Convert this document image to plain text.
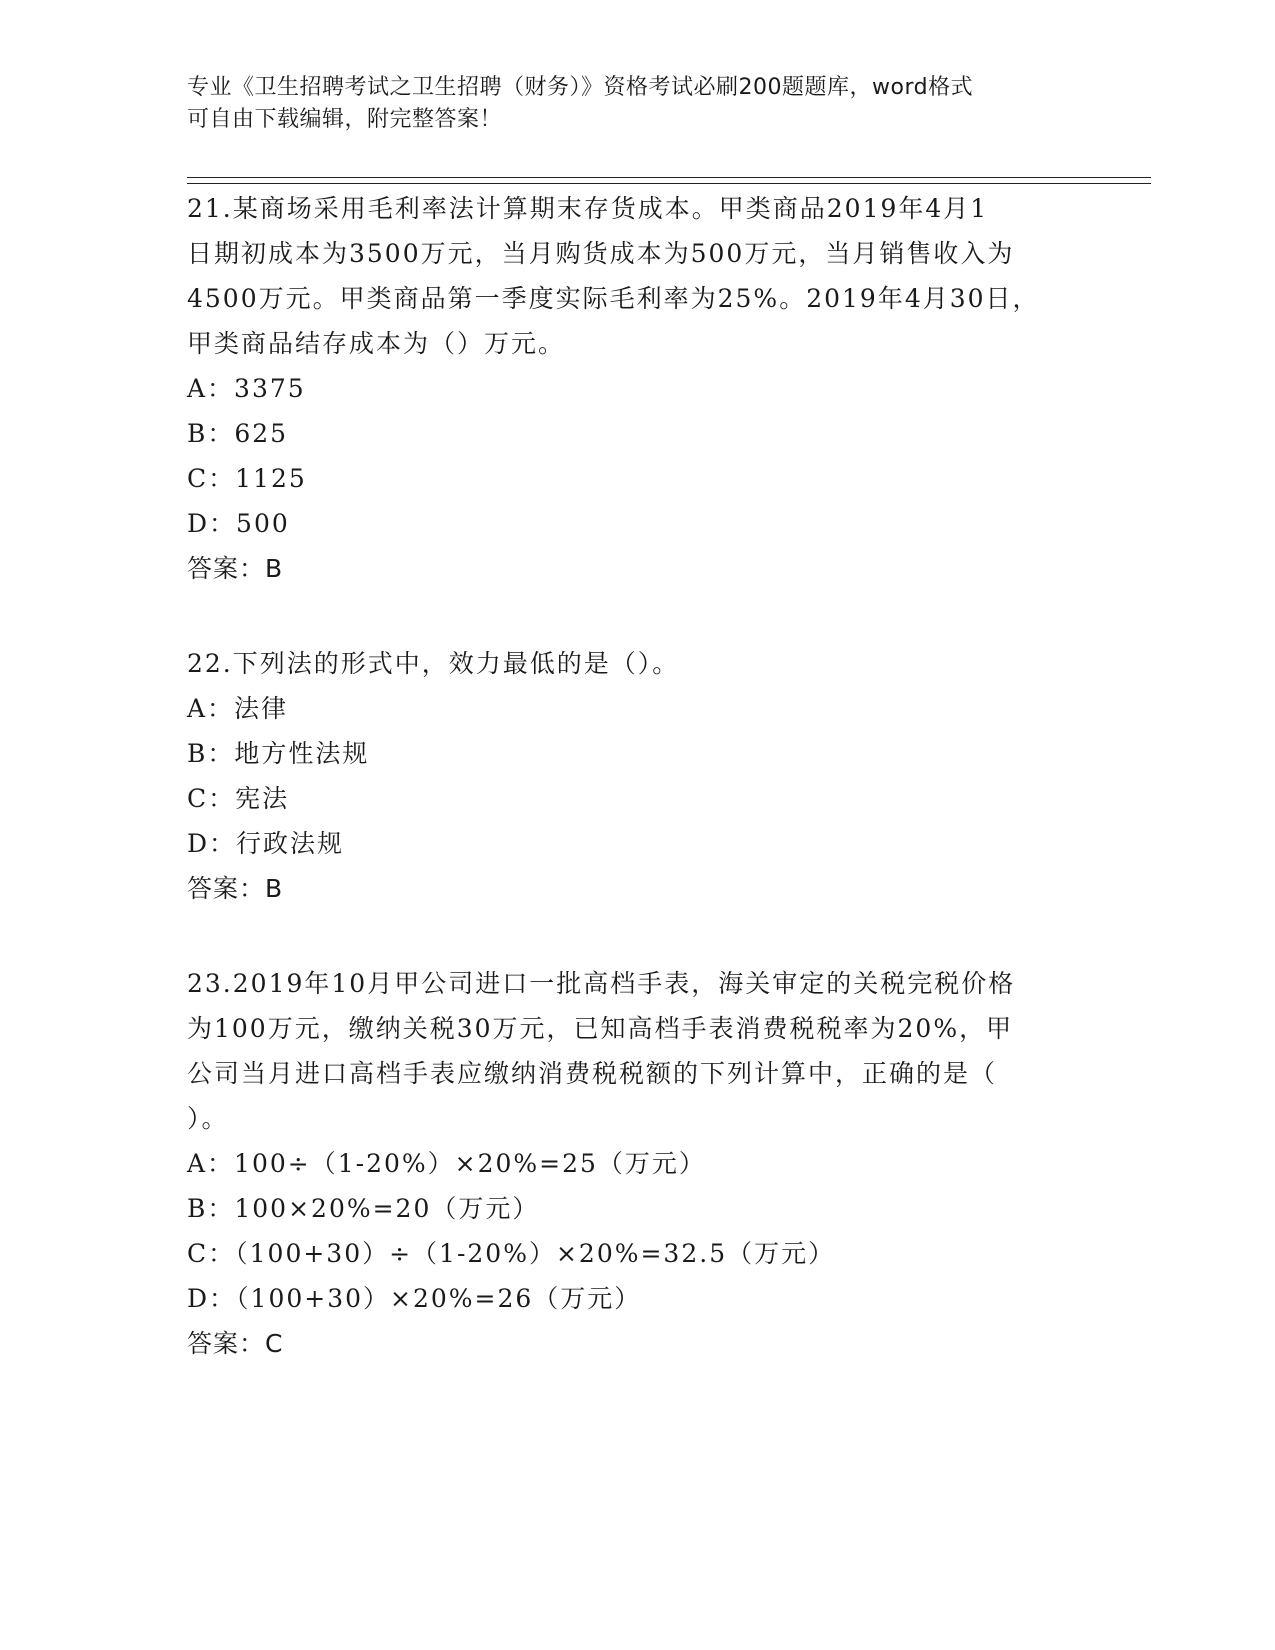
专业《卫生招聘考试之卫生招聘（财务）》资格考试必刷200题题库，word格式
可自由下载编辑，附完整答案！
21.某商场采用毛利率法计算期末存货成本。甲类商品2019年4月1
日期初成本为3500万元，当月购货成本为500万元，当月销售收入为
4500万元。甲类商品第一季度实际毛利率为25%。2019年4月30日，
甲类商品结存成本为（）万元。
A：3375
B：625
C：1125
D：500
答案：B
22.下列法的形式中，效力最低的是（）。
A：法律
B：地方性法规
C：宪法
D：行政法规
答案：B
23.2019年10月甲公司进口一批高档手表，海关审定的关税完税价格
为100万元，缴纳关税30万元，已知高档手表消费税税率为20%，甲
公司当月进口高档手表应缴纳消费税税额的下列计算中，正确的是（
）。
A：100÷（1-20%）×20%=25（万元）
B：100×20%=20（万元）
C：（100+30）÷（1-20%）×20%=32.5（万元）
D：（100+30）×20%=26（万元）
答案：C
